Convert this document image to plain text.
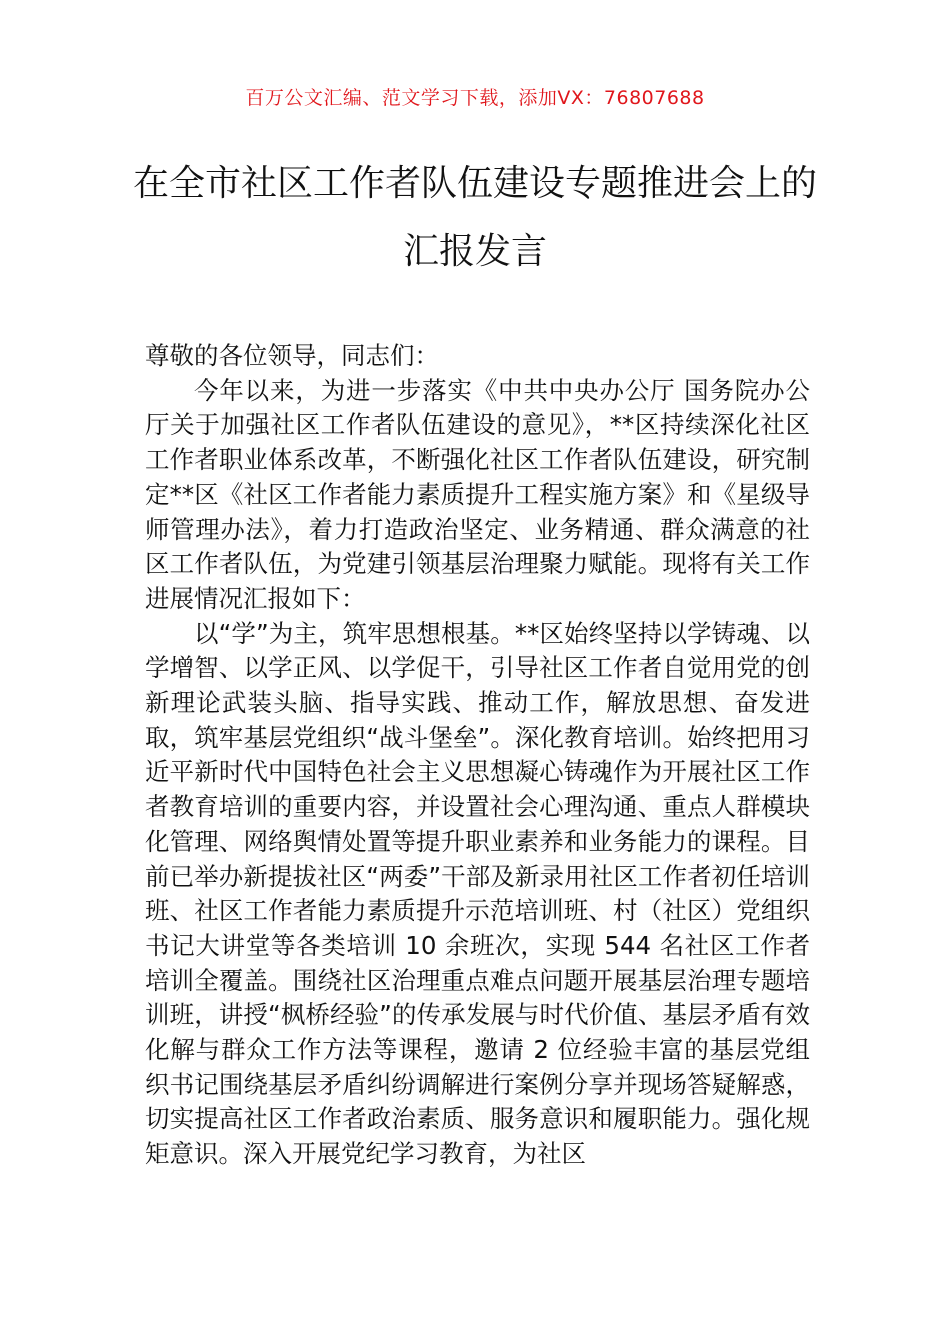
百万公文汇编、范文学习下载，添加VX：76807688
在全市社区工作者队伍建设专题推进会上的汇报发言

尊敬的各位领导，同志们：

今年以来，为进一步落实《中共中央办公厅 国务院办公厅关于加强社区工作者队伍建设的意见》，**区持续深化社区工作者职业体系改革，不断强化社区工作者队伍建设，研究制定**区《社区工作者能力素质提升工程实施方案》和《星级导师管理办法》，着力打造政治坚定、业务精通、群众满意的社区工作者队伍，为党建引领基层治理聚力赋能。现将有关工作进展情况汇报如下：

以“学”为主，筑牢思想根基。**区始终坚持以学铸魂、以学增智、以学正风、以学促干，引导社区工作者自觉用党的创新理论武装头脑、指导实践、推动工作，解放思想、奋发进取，筑牢基层党组织“战斗堡垒”。深化教育培训。始终把用习近平新时代中国特色社会主义思想凝心铸魂作为开展社区工作者教育培训的重要内容，并设置社会心理沟通、重点人群模块化管理、网络舆情处置等提升职业素养和业务能力的课程。目前已举办新提拔社区“两委”干部及新录用社区工作者初任培训班、社区工作者能力素质提升示范培训班、村（社区）党组织书记大讲堂等各类培训 10 余班次，实现 544 名社区工作者培训全覆盖。围绕社区治理重点难点问题开展基层治理专题培训班，讲授“枫桥经验”的传承发展与时代价值、基层矛盾有效化解与群众工作方法等课程，邀请 2 位经验丰富的基层党组织书记围绕基层矛盾纠纷调解进行案例分享并现场答疑解惑，切实提高社区工作者政治素质、服务意识和履职能力。强化规矩意识。深入开展党纪学习教育，为社区
